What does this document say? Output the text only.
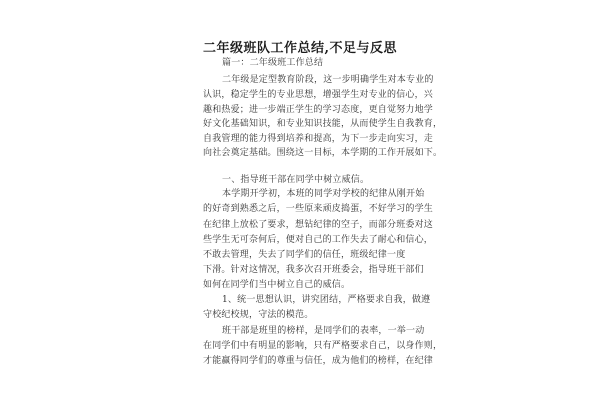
二年级班队工作总结,不足与反思

篇一：二年级班工作总结

二年级是定型教育阶段，这一步明确学生对本专业的

认识，稳定学生的专业思想，增强学生对专业的信心，兴

趣和热爱；进一步端正学生的学习态度，更自觉努力地学

好文化基础知识，和专业知识技能，从而使学生自我教育，

自我管理的能力得到培养和提高，为下一步走向实习，走

向社会奠定基础。围绕这一目标，本学期的工作开展如下。

一、指导班干部在同学中树立威信。

本学期开学初，本班的同学对学校的纪律从刚开始

的好奇到熟悉之后，一些原来顽皮捣蛋，不好学习的学生

在纪律上放松了要求，想钻纪律的空子，而部分班委对这

些学生无可奈何后，便对自己的工作失去了耐心和信心，

不敢去管理，失去了同学们的信任，班级纪律一度

下滑。针对这情况，我多次召开班委会，指导班干部们

如何在同学们当中树立自己的威信。

1、统一思想认识，讲究团结，严格要求自我，做遵

守校纪校规，守法的模范。

班干部是班里的榜样，是同学们的表率，一举一动

在同学们中有明显的影响，只有严格要求自己，以身作则，

才能赢得同学们的尊重与信任，成为他们的榜样，在纪律
